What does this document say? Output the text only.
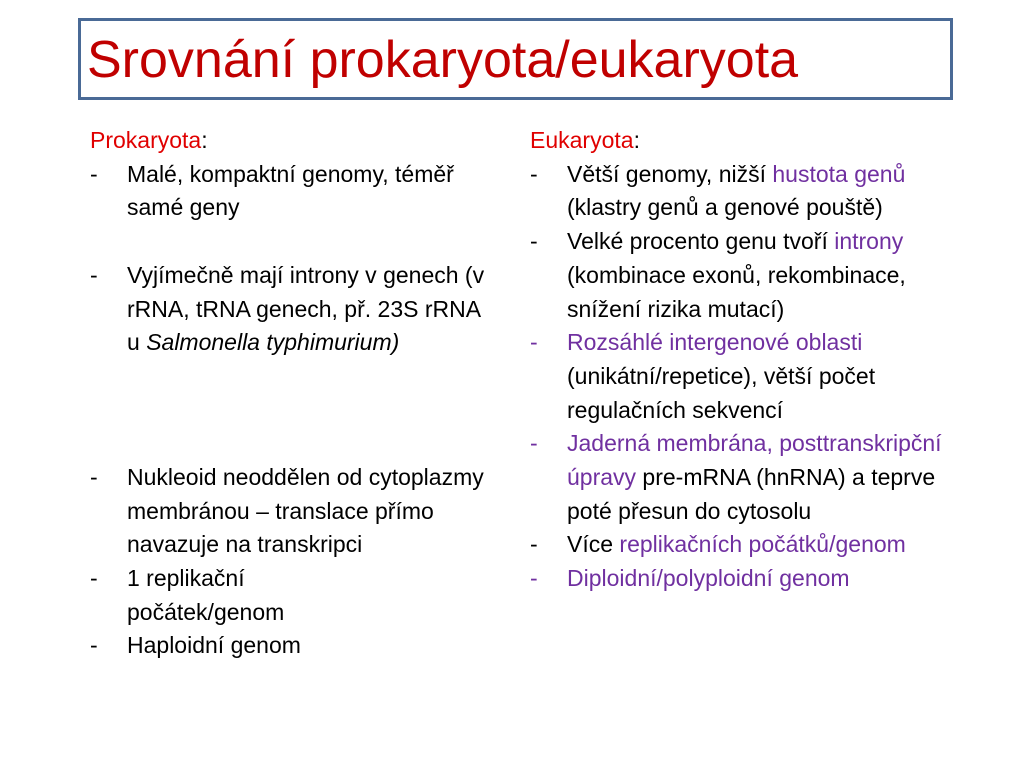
Srovnání prokaryota/eukaryota

Prokaryota:

- Malé, kompaktní genomy, téměř samé geny
- Vyjímečně mají introny v genech (v rRNA, tRNA genech, př. 23S rRNA u Salmonella typhimurium)
- Nukleoid neoddělen od cytoplazmy membránou – translace přímo navazuje na transkripci
- 1 replikační počátek/genom
- Haploidní genom

Eukaryota:

- Větší genomy, nižší hustota genů (klastry genů a genové pouště)
- Velké procento genu tvoří introny (kombinace exonů, rekombinace, snížení rizika mutací)
- Rozsáhlé intergenové oblasti (unikátní/repetice), větší počet regulačních sekvencí
- Jaderná membrána, posttranskripční úpravy pre-mRNA (hnRNA) a teprve poté přesun do cytosolu
- Více replikačních počátků/genom
- Diploidní/polyploidní genom
